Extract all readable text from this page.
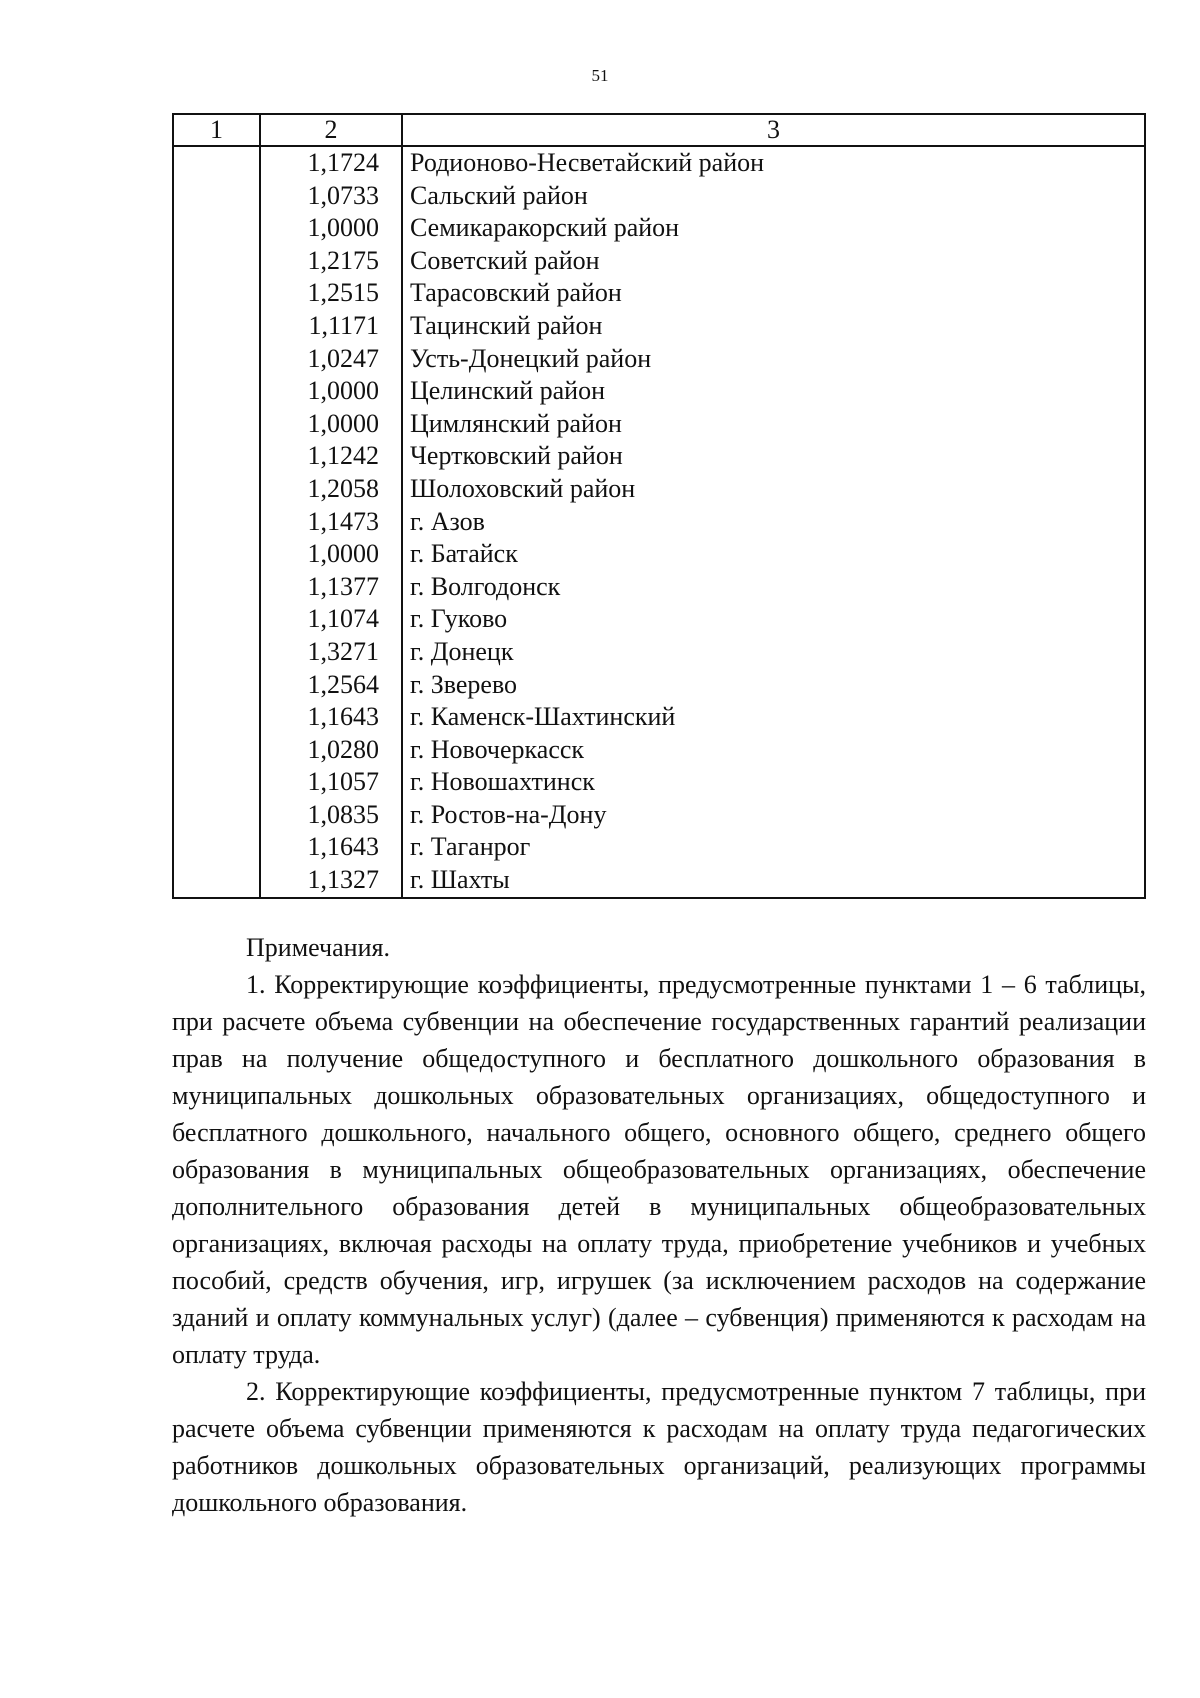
51
1	2	3
	1,1724	Родионово-Несветайский район
	1,0733	Сальский район
	1,0000	Семикаракорский район
	1,2175	Советский район
	1,2515	Тарасовский район
	1,1171	Тацинский район
	1,0247	Усть-Донецкий район
	1,0000	Целинский район
	1,0000	Цимлянский район
	1,1242	Чертковский район
	1,2058	Шолоховский район
	1,1473	г. Азов
	1,0000	г. Батайск
	1,1377	г. Волгодонск
	1,1074	г. Гуково
	1,3271	г. Донецк
	1,2564	г. Зверево
	1,1643	г. Каменск-Шахтинский
	1,0280	г. Новочеркасск
	1,1057	г. Новошахтинск
	1,0835	г. Ростов-на-Дону
	1,1643	г. Таганрог
	1,1327	г. Шахты

Примечания.

1. Корректирующие коэффициенты, предусмотренные пунктами 1 – 6 таблицы, при расчете объема субвенции на обеспечение государственных гарантий реализации прав на получение общедоступного и бесплатного дошкольного образования в муниципальных дошкольных образовательных организациях, общедоступного и бесплатного дошкольного, начального общего, основного общего, среднего общего образования в муниципальных общеобразовательных организациях, обеспечение дополнительного образования детей в муниципальных общеобразовательных организациях, включая расходы на оплату труда, приобретение учебников и учебных пособий, средств обучения, игр, игрушек (за исключением расходов на содержание зданий и оплату коммунальных услуг) (далее – субвенция) применяются к расходам на оплату труда.

2. Корректирующие коэффициенты, предусмотренные пунктом 7 таблицы, при расчете объема субвенции применяются к расходам на оплату труда педагогических работников дошкольных образовательных организаций, реализующих программы дошкольного образования.
